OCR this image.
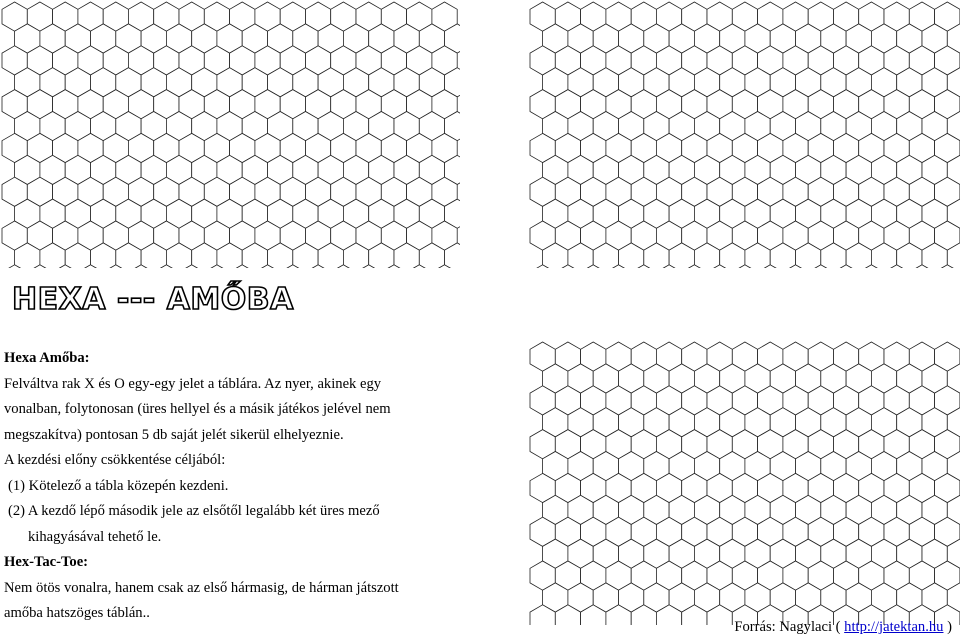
HEXA --- AMŐBA

Hexa Amőba:

Felváltva rak X és O egy-egy jelet a táblára. Az nyer, akinek egy

vonalban, folytonosan (üres hellyel és a másik játékos jelével nem

megszakítva) pontosan 5 db saját jelét sikerül elhelyeznie.

A kezdési előny csökkentése céljából:

(1) Kötelező a tábla közepén kezdeni.

(2) A kezdő lépő második jele az elsőtől legalább két üres mező

kihagyásával tehető le.

Hex-Tac-Toe:

Nem ötös vonalra, hanem csak az első hármasig, de hárman játszott

amőba hatszöges táblán..

Forrás: Nagylaci ( http://jatektan.hu )
